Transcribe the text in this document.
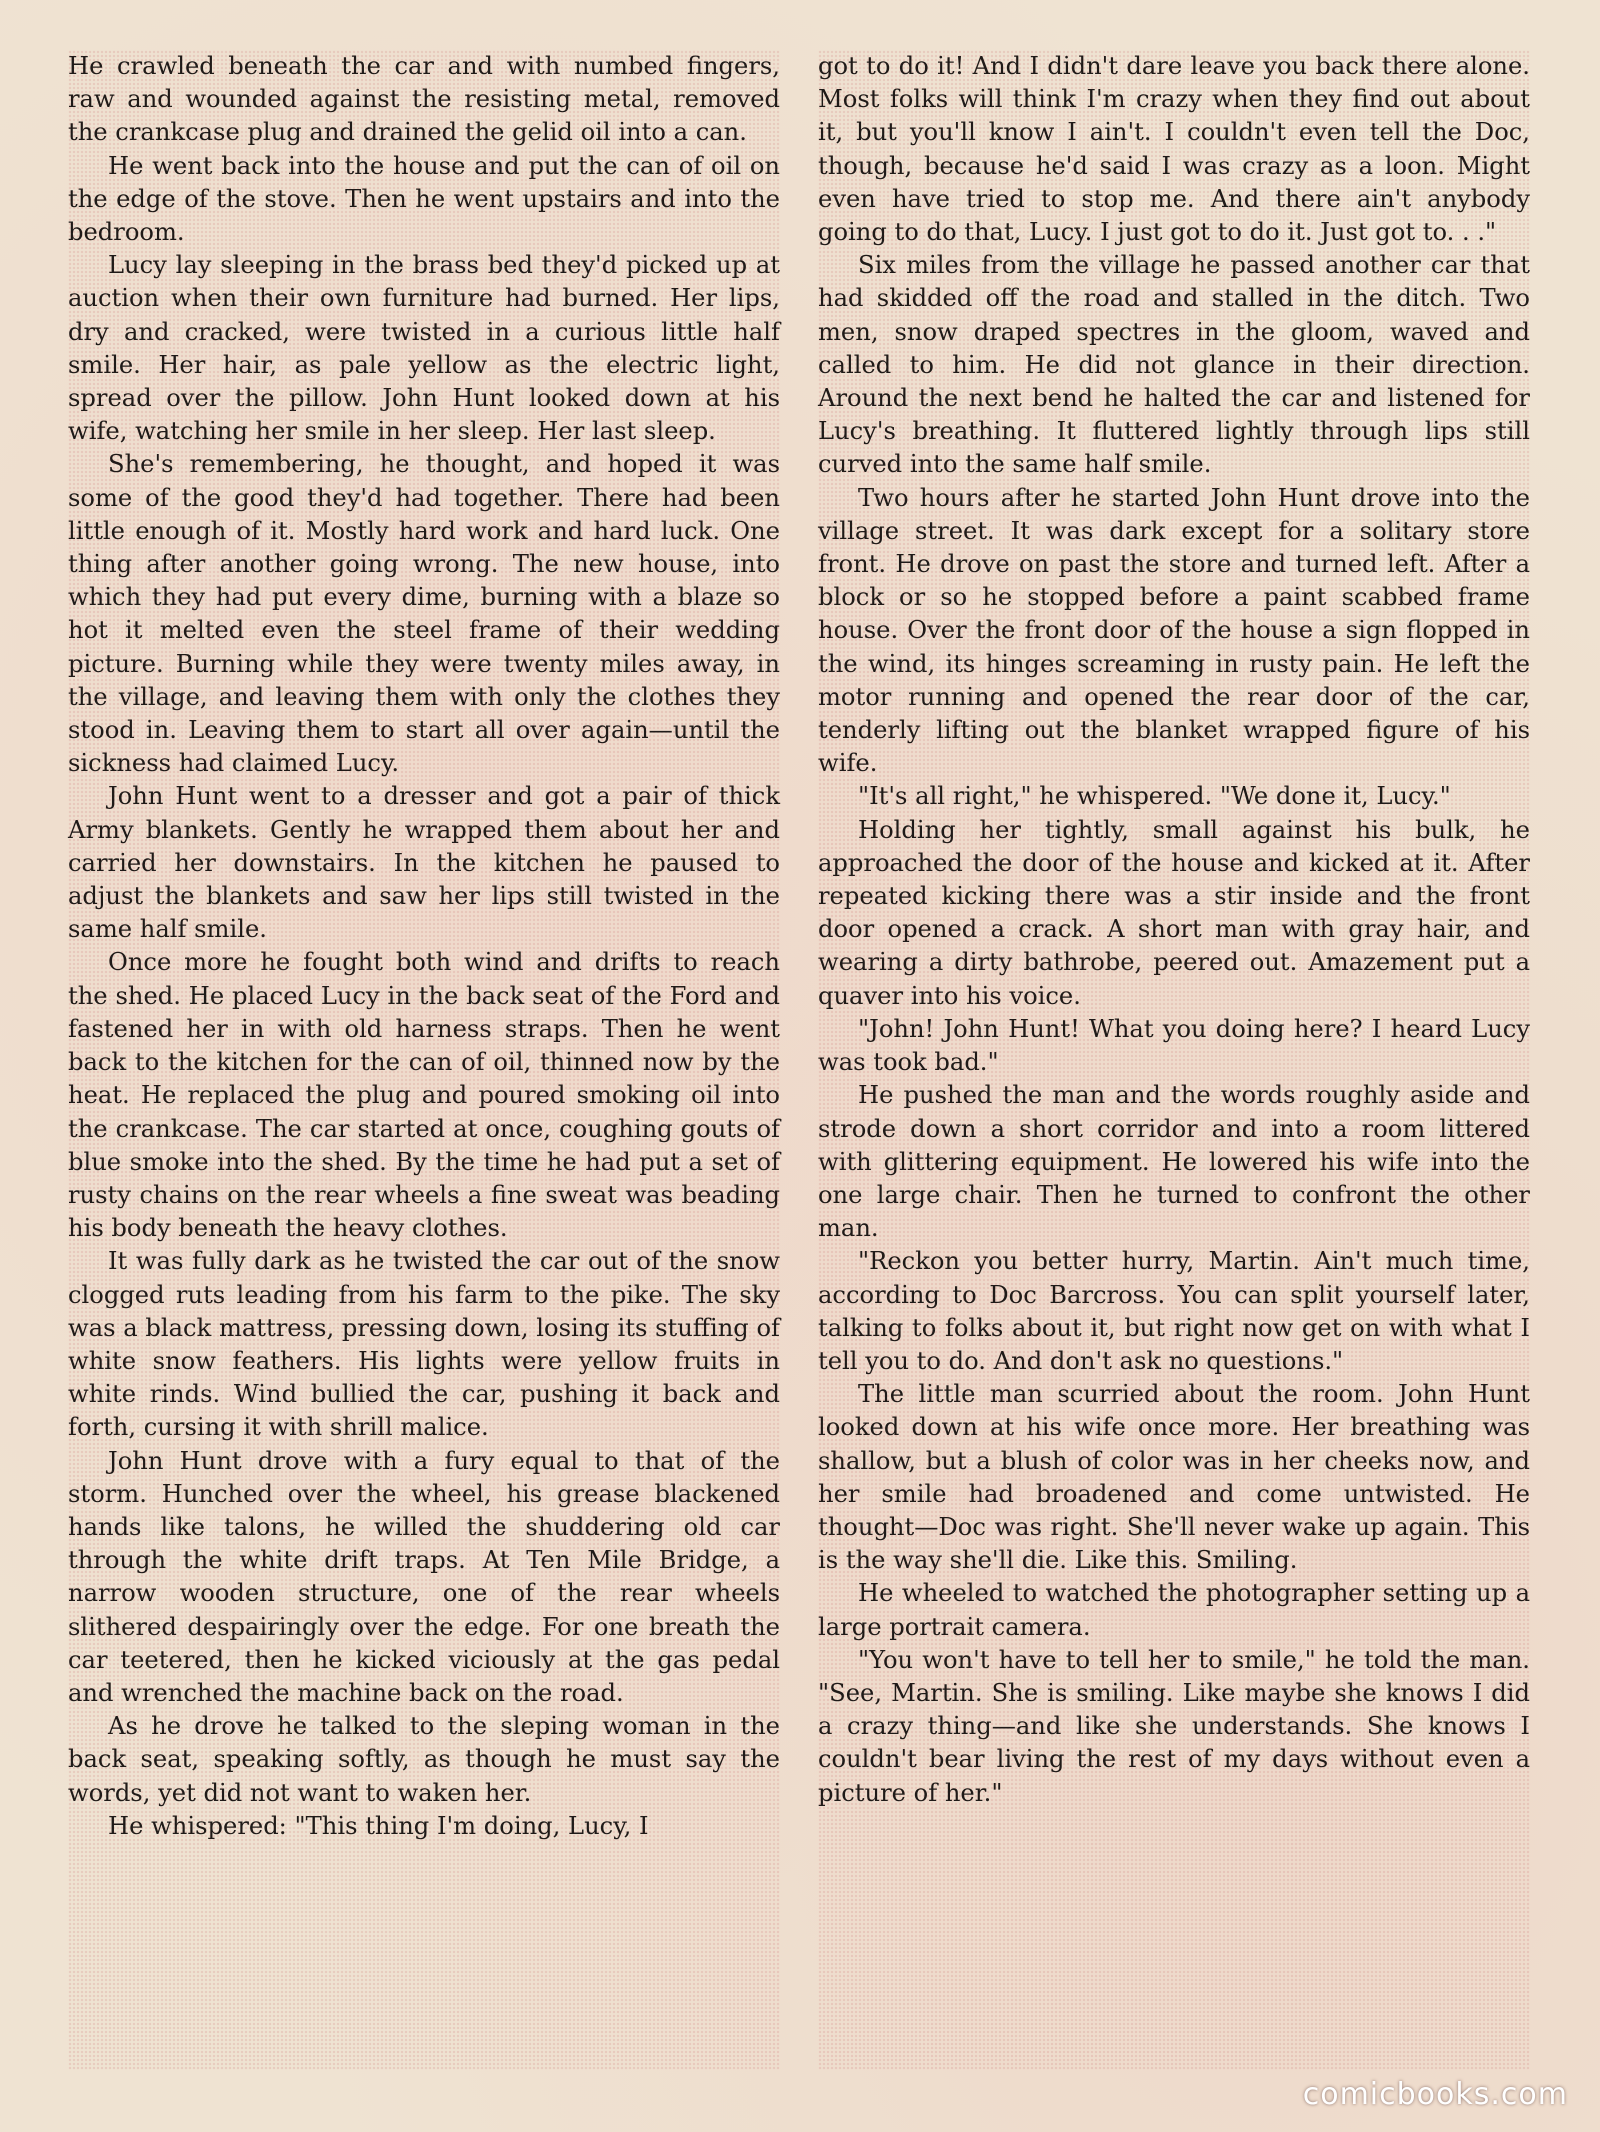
He crawled beneath the car and with numbed fingers, raw and wounded against the resisting metal, removed the crankcase plug and drained the gelid oil into a can.

He went back into the house and put the can of oil on the edge of the stove. Then he went upstairs and into the bedroom.

Lucy lay sleeping in the brass bed they'd picked up at auction when their own furniture had burned. Her lips, dry and cracked, were twisted in a curious little half smile. Her hair, as pale yellow as the electric light, spread over the pillow. John Hunt looked down at his wife, watching her smile in her sleep. Her last sleep.

She's remembering, he thought, and hoped it was some of the good they'd had together. There had been little enough of it. Mostly hard work and hard luck. One thing after another going wrong. The new house, into which they had put every dime, burning with a blaze so hot it melted even the steel frame of their wedding picture. Burning while they were twenty miles away, in the village, and leaving them with only the clothes they stood in. Leaving them to start all over again—until the sickness had claimed Lucy.

John Hunt went to a dresser and got a pair of thick Army blankets. Gently he wrapped them about her and carried her downstairs. In the kitchen he paused to adjust the blankets and saw her lips still twisted in the same half smile.

Once more he fought both wind and drifts to reach the shed. He placed Lucy in the back seat of the Ford and fastened her in with old harness straps. Then he went back to the kitchen for the can of oil, thinned now by the heat. He replaced the plug and poured smoking oil into the crankcase. The car started at once, coughing gouts of blue smoke into the shed. By the time he had put a set of rusty chains on the rear wheels a fine sweat was beading his body beneath the heavy clothes.

It was fully dark as he twisted the car out of the snow clogged ruts leading from his farm to the pike. The sky was a black mattress, pressing down, losing its stuffing of white snow feathers. His lights were yellow fruits in white rinds. Wind bullied the car, pushing it back and forth, cursing it with shrill malice.

John Hunt drove with a fury equal to that of the storm. Hunched over the wheel, his grease blackened hands like talons, he willed the shuddering old car through the white drift traps. At Ten Mile Bridge, a narrow wooden structure, one of the rear wheels slithered despairingly over the edge. For one breath the car teetered, then he kicked viciously at the gas pedal and wrenched the machine back on the road.

As he drove he talked to the sleping woman in the back seat, speaking softly, as though he must say the words, yet did not want to waken her.

He whispered: "This thing I'm doing, Lucy, I

got to do it! And I didn't dare leave you back there alone. Most folks will think I'm crazy when they find out about it, but you'll know I ain't. I couldn't even tell the Doc, though, because he'd said I was crazy as a loon. Might even have tried to stop me. And there ain't anybody going to do that, Lucy. I just got to do it. Just got to. . ."

Six miles from the village he passed another car that had skidded off the road and stalled in the ditch. Two men, snow draped spectres in the gloom, waved and called to him. He did not glance in their direction. Around the next bend he halted the car and listened for Lucy's breathing. It fluttered lightly through lips still curved into the same half smile.

Two hours after he started John Hunt drove into the village street. It was dark except for a solitary store front. He drove on past the store and turned left. After a block or so he stopped before a paint scabbed frame house. Over the front door of the house a sign flopped in the wind, its hinges screaming in rusty pain. He left the motor running and opened the rear door of the car, tenderly lifting out the blanket wrapped figure of his wife.

"It's all right," he whispered. "We done it, Lucy."

Holding her tightly, small against his bulk, he approached the door of the house and kicked at it. After repeated kicking there was a stir inside and the front door opened a crack. A short man with gray hair, and wearing a dirty bathrobe, peered out. Amazement put a quaver into his voice.

"John! John Hunt! What you doing here? I heard Lucy was took bad."

He pushed the man and the words roughly aside and strode down a short corridor and into a room littered with glittering equipment. He lowered his wife into the one large chair. Then he turned to confront the other man.

"Reckon you better hurry, Martin. Ain't much time, according to Doc Barcross. You can split yourself later, talking to folks about it, but right now get on with what I tell you to do. And don't ask no questions."

The little man scurried about the room. John Hunt looked down at his wife once more. Her breathing was shallow, but a blush of color was in her cheeks now, and her smile had broadened and come untwisted. He thought—Doc was right. She'll never wake up again. This is the way she'll die. Like this. Smiling.

He wheeled to watched the photographer setting up a large portrait camera.

"You won't have to tell her to smile," he told the man. "See, Martin. She is smiling. Like maybe she knows I did a crazy thing—and like she understands. She knows I couldn't bear living the rest of my days without even a picture of her."

comicbooks.com
